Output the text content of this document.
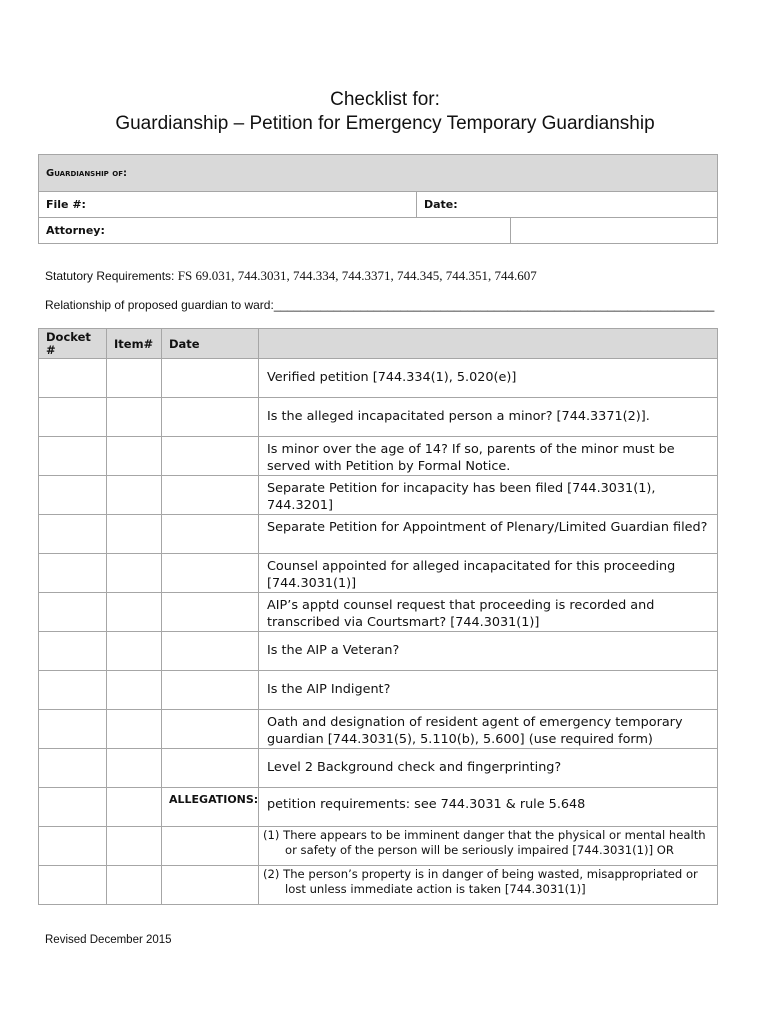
Checklist for:
Guardianship – Petition for Emergency Temporary Guardianship
Guardianship of:		
File #:	Date:	
Attorney:		
Statutory Requirements: FS 69.031, 744.3031, 744.334, 744.3371, 744.345, 744.351, 744.607
Relationship of proposed guardian to ward:__________________________________________________________________
Docket #	Item#	Date	

			Verified petition [744.334(1), 5.020(e)]

			Is the alleged incapacitated person a minor? [744.3371(2)].

			Is minor over the age of 14? If so, parents of the minor must be served with Petition by Formal Notice.

			Separate Petition for incapacity has been filed [744.3031(1), 744.3201]

			Separate Petition for Appointment of Plenary/Limited Guardian filed?

			Counsel appointed for alleged incapacitated for this proceeding [744.3031(1)]

			AIP’s apptd counsel request that proceeding is recorded and transcribed via Courtsmart? [744.3031(1)]

			Is the AIP a Veteran?

			Is the AIP Indigent?

			Oath and designation of resident agent of emergency temporary guardian [744.3031(5), 5.110(b), 5.600] (use required form)

			Level 2 Background check and fingerprinting?

		ALLEGATIONS:	petition requirements: see 744.3031 & rule 5.648

			(1) There appears to be imminent danger that the physical or mental health or safety of the person will be seriously impaired [744.3031(1)] OR

			(2) The person’s property is in danger of being wasted, misappropriated or lost unless immediate action is taken [744.3031(1)]
Revised December 2015
